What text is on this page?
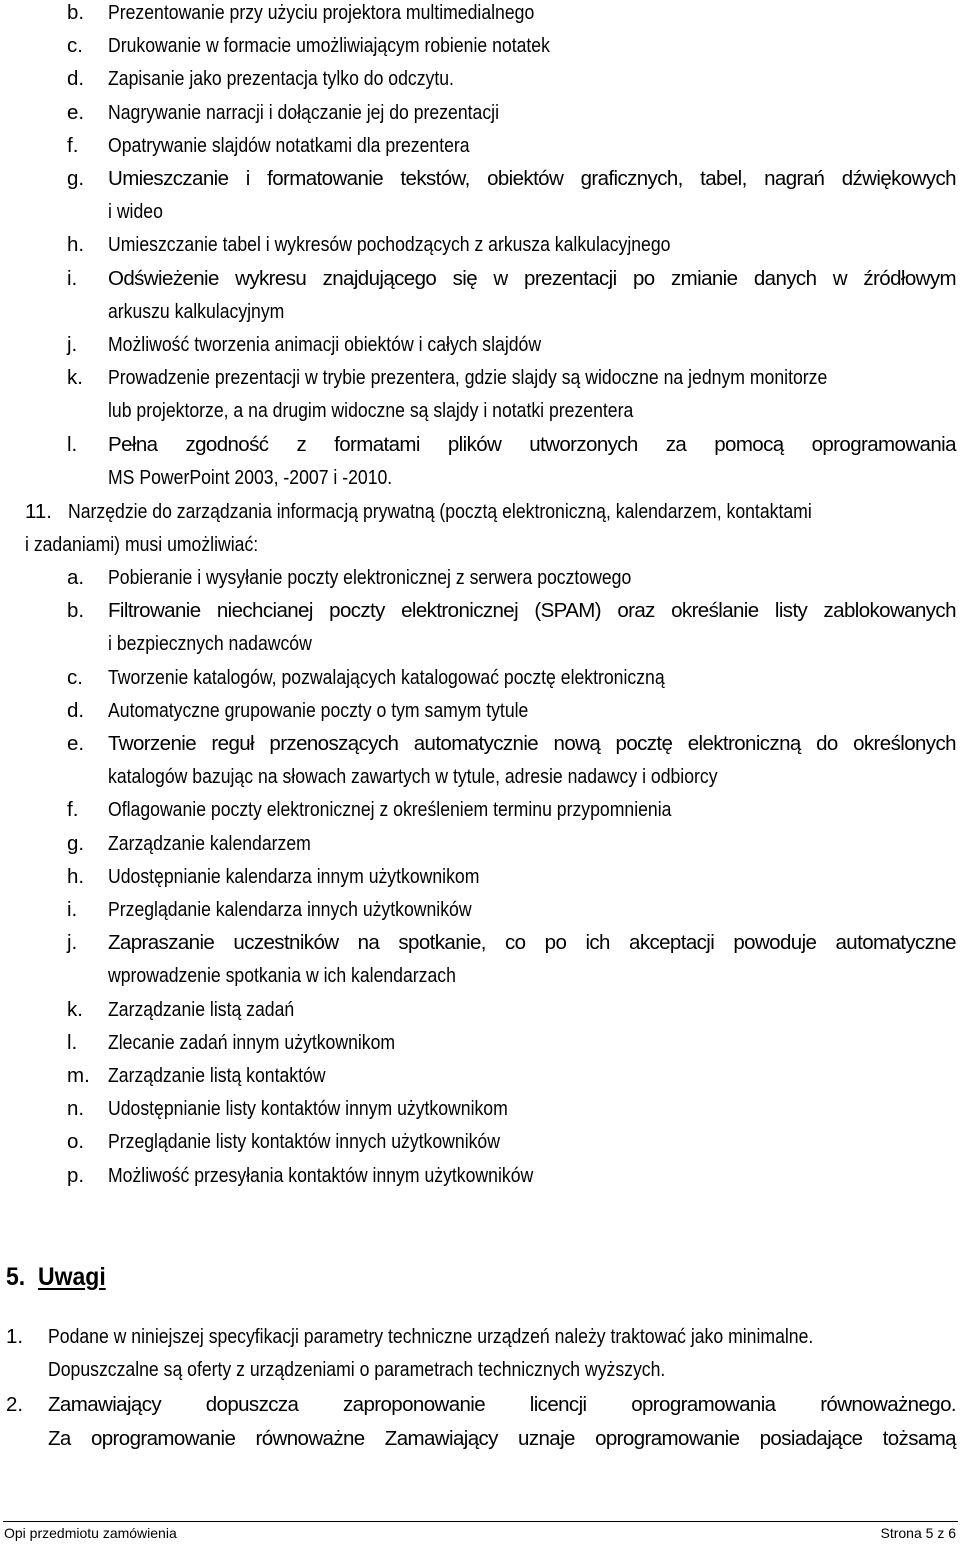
b. Prezentowanie przy użyciu projektora multimedialnego
c. Drukowanie w formacie umożliwiającym robienie notatek
d. Zapisanie jako prezentacja tylko do odczytu.
e. Nagrywanie narracji i dołączanie jej do prezentacji
f. Opatrywanie slajdów notatkami dla prezentera
g. Umieszczanie i formatowanie tekstów, obiektów graficznych, tabel, nagrań dźwiękowych
i wideo
h. Umieszczanie tabel i wykresów pochodzących z arkusza kalkulacyjnego
i. Odświeżenie wykresu znajdującego się w prezentacji po zmianie danych w źródłowym
arkuszu kalkulacyjnym
j. Możliwość tworzenia animacji obiektów i całych slajdów
k. Prowadzenie prezentacji w trybie prezentera, gdzie slajdy są widoczne na jednym monitorze
lub projektorze, a na drugim widoczne są slajdy i notatki prezentera
l. Pełna zgodność z formatami plików utworzonych za pomocą oprogramowania
MS PowerPoint 2003, -2007 i -2010.
11. Narzędzie do zarządzania informacją prywatną (pocztą elektroniczną, kalendarzem, kontaktami
i zadaniami) musi umożliwiać:
a. Pobieranie i wysyłanie poczty elektronicznej z serwera pocztowego
b. Filtrowanie niechcianej poczty elektronicznej (SPAM) oraz określanie listy zablokowanych
i bezpiecznych nadawców
c. Tworzenie katalogów, pozwalających katalogować pocztę elektroniczną
d. Automatyczne grupowanie poczty o tym samym tytule
e. Tworzenie reguł przenoszących automatycznie nową pocztę elektroniczną do określonych
katalogów bazując na słowach zawartych w tytule, adresie nadawcy i odbiorcy
f. Oflagowanie poczty elektronicznej z określeniem terminu przypomnienia
g. Zarządzanie kalendarzem
h. Udostępnianie kalendarza innym użytkownikom
i. Przeglądanie kalendarza innych użytkowników
j. Zapraszanie uczestników na spotkanie, co po ich akceptacji powoduje automatyczne
wprowadzenie spotkania w ich kalendarzach
k. Zarządzanie listą zadań
l. Zlecanie zadań innym użytkownikom
m. Zarządzanie listą kontaktów
n. Udostępnianie listy kontaktów innym użytkownikom
o. Przeglądanie listy kontaktów innych użytkowników
p. Możliwość przesyłania kontaktów innym użytkowników
1. Podane w niniejszej specyfikacji parametry techniczne urządzeń należy traktować jako minimalne.
Dopuszczalne są oferty z urządzeniami o parametrach technicznych wyższych.
2. Zamawiający dopuszcza zaproponowanie licencji oprogramowania równoważnego.
Za oprogramowanie równoważne Zamawiający uznaje oprogramowanie posiadające tożsamą
5. Uwagi
Opi przedmiotu zamówienia	Strona 5 z 6
